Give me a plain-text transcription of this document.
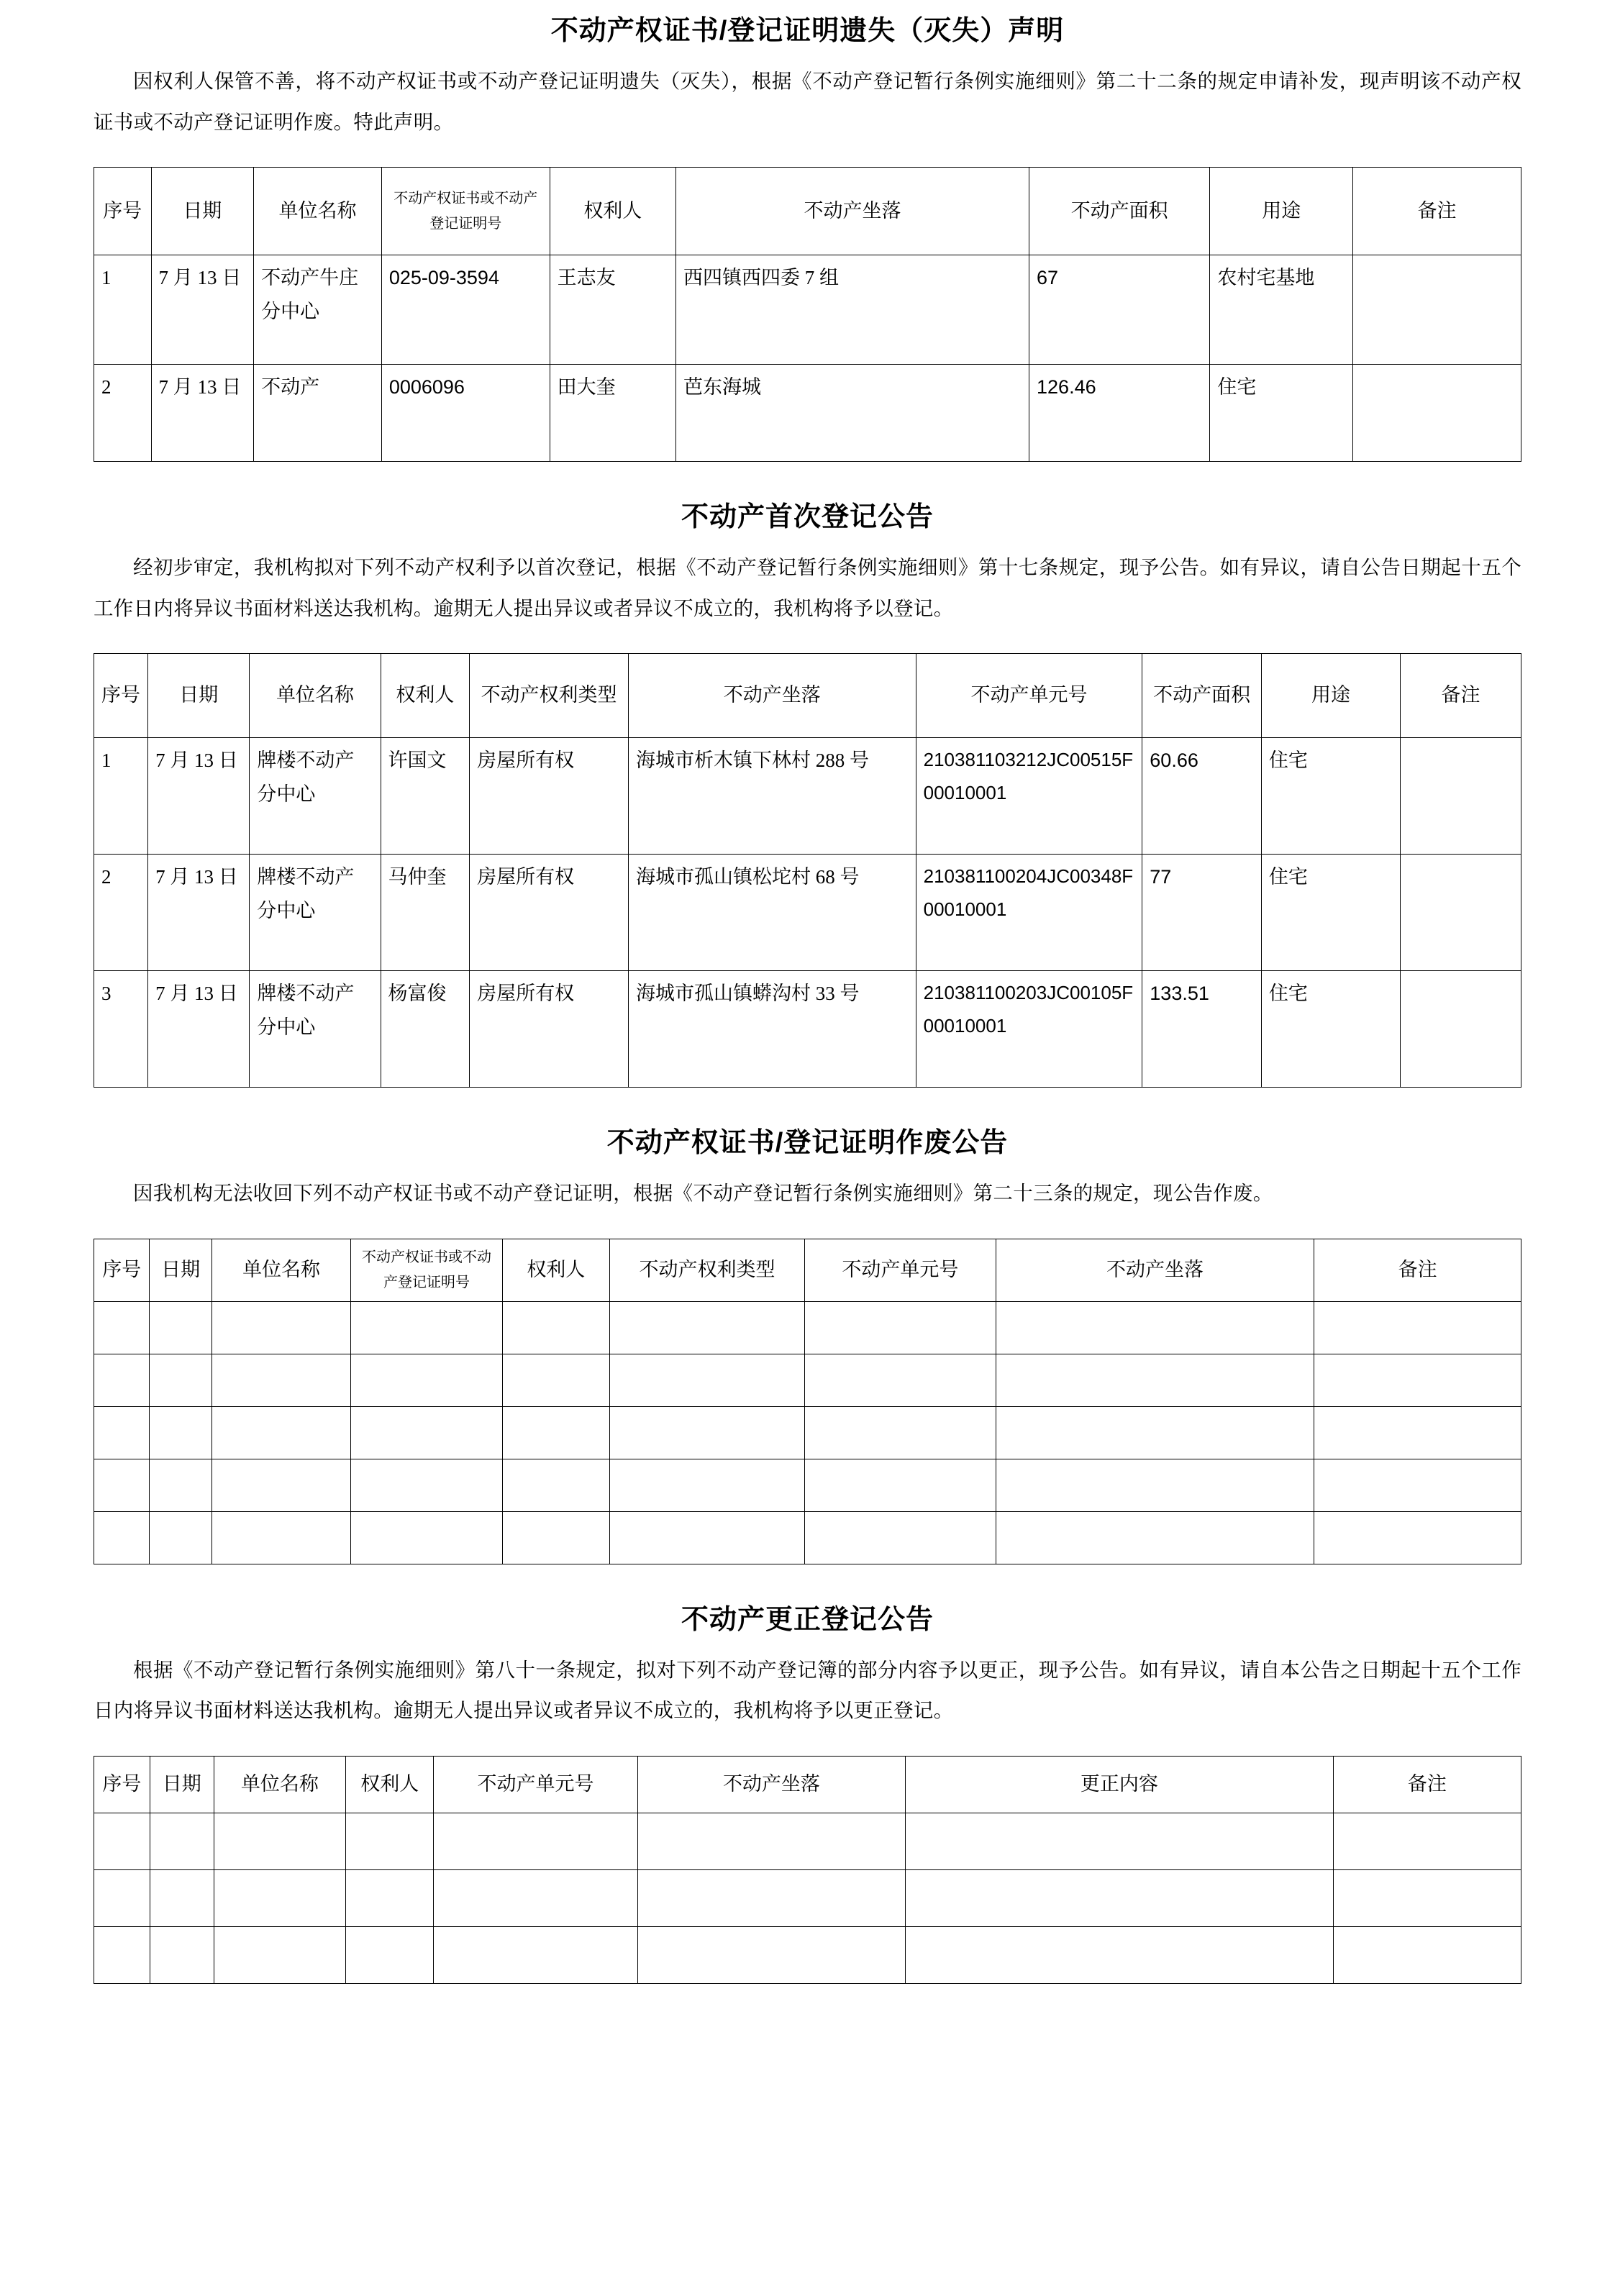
不动产权证书/登记证明遗失（灭失）声明

因权利人保管不善，将不动产权证书或不动产登记证明遗失（灭失），根据《不动产登记暂行条例实施细则》第二十二条的规定申请补发，现声明该不动产权证书或不动产登记证明作废。特此声明。

序号	日期	单位名称	不动产权证书或不动产登记证明号	权利人	不动产坐落	不动产面积	用途	备注
1	7 月 13 日	不动产牛庄分中心	025-09-3594	王志友	西四镇西四委 7 组	67	农村宅基地	
2	7 月 13 日	不动产	0006096	田大奎	芭东海城	126.46	住宅	
不动产首次登记公告

经初步审定，我机构拟对下列不动产权利予以首次登记，根据《不动产登记暂行条例实施细则》第十七条规定，现予公告。如有异议，请自公告日期起十五个工作日内将异议书面材料送达我机构。逾期无人提出异议或者异议不成立的，我机构将予以登记。

序号	日期	单位名称	权利人	不动产权利类型	不动产坐落	不动产单元号	不动产面积	用途	备注
1	7 月 13 日	牌楼不动产分中心	许国文	房屋所有权	海城市析木镇下林村 288 号	210381103212JC00515F00010001	60.66	住宅	
2	7 月 13 日	牌楼不动产分中心	马仲奎	房屋所有权	海城市孤山镇松坨村 68 号	210381100204JC00348F00010001	77	住宅	
3	7 月 13 日	牌楼不动产分中心	杨富俊	房屋所有权	海城市孤山镇蟒沟村 33 号	210381100203JC00105F00010001	133.51	住宅	
不动产权证书/登记证明作废公告

因我机构无法收回下列不动产权证书或不动产登记证明，根据《不动产登记暂行条例实施细则》第二十三条的规定，现公告作废。

序号	日期	单位名称	不动产权证书或不动产登记证明号	权利人	不动产权利类型	不动产单元号	不动产坐落	备注

不动产更正登记公告

根据《不动产登记暂行条例实施细则》第八十一条规定，拟对下列不动产登记簿的部分内容予以更正，现予公告。如有异议，请自本公告之日期起十五个工作日内将异议书面材料送达我机构。逾期无人提出异议或者异议不成立的，我机构将予以更正登记。

序号	日期	单位名称	权利人	不动产单元号	不动产坐落	更正内容	备注
